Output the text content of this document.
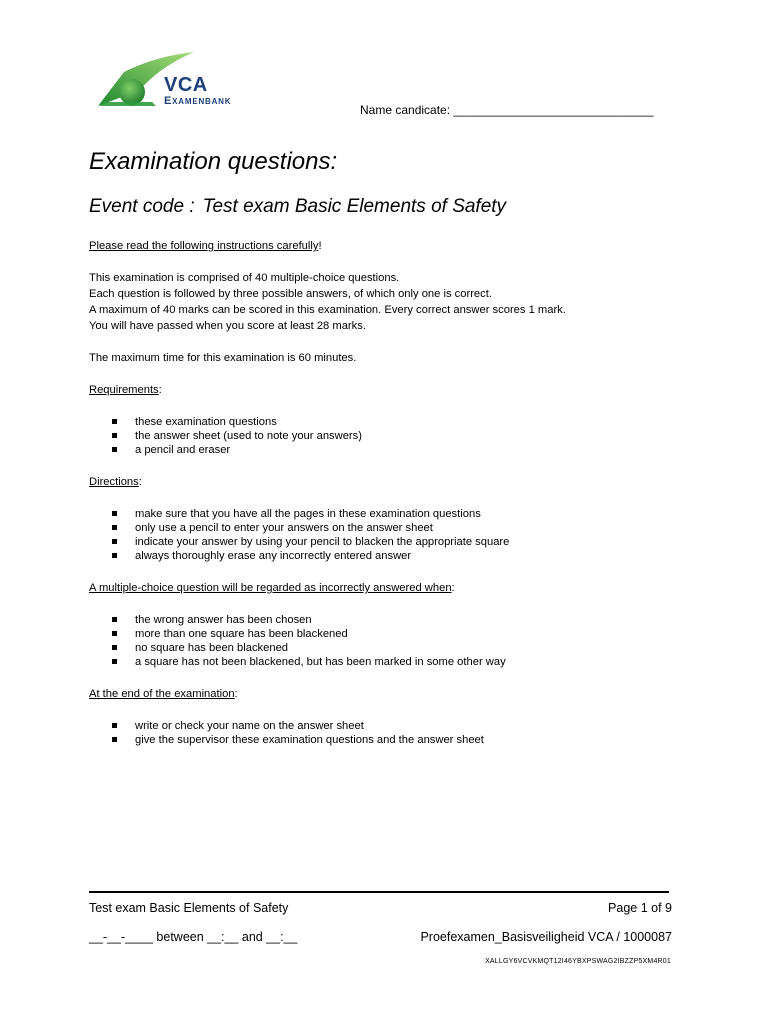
VCA
Examenbank
Name candicate: ______________________________
Examination questions:
Event code : Test exam Basic Elements of Safety
Please read the following instructions carefully!

This examination is comprised of 40 multiple-choice questions.

Each question is followed by three possible answers, of which only one is correct.

A maximum of 40 marks can be scored in this examination. Every correct answer scores 1 mark.

You will have passed when you score at least 28 marks.

The maximum time for this examination is 60 minutes.
Requirements:
these examination questions
the answer sheet (used to note your answers)
a pencil and eraser
Directions:
make sure that you have all the pages in these examination questions
only use a pencil to enter your answers on the answer sheet
indicate your answer by using your pencil to blacken the appropriate square
always thoroughly erase any incorrectly entered answer
A multiple-choice question will be regarded as incorrectly answered when:
the wrong answer has been chosen
more than one square has been blackened
no square has been blackened
a square has not been blackened, but has been marked in some other way
At the end of the examination:
write or check your name on the answer sheet
give the supervisor these examination questions and the answer sheet
Test exam Basic Elements of Safety	Page 1 of 9
__-__-____ between __:__ and __:__	Proefexamen_Basisveiligheid VCA / 1000087
XALLGY6VCVKMQT12I46YBXPSWAG2IBZZP5XM4R01
